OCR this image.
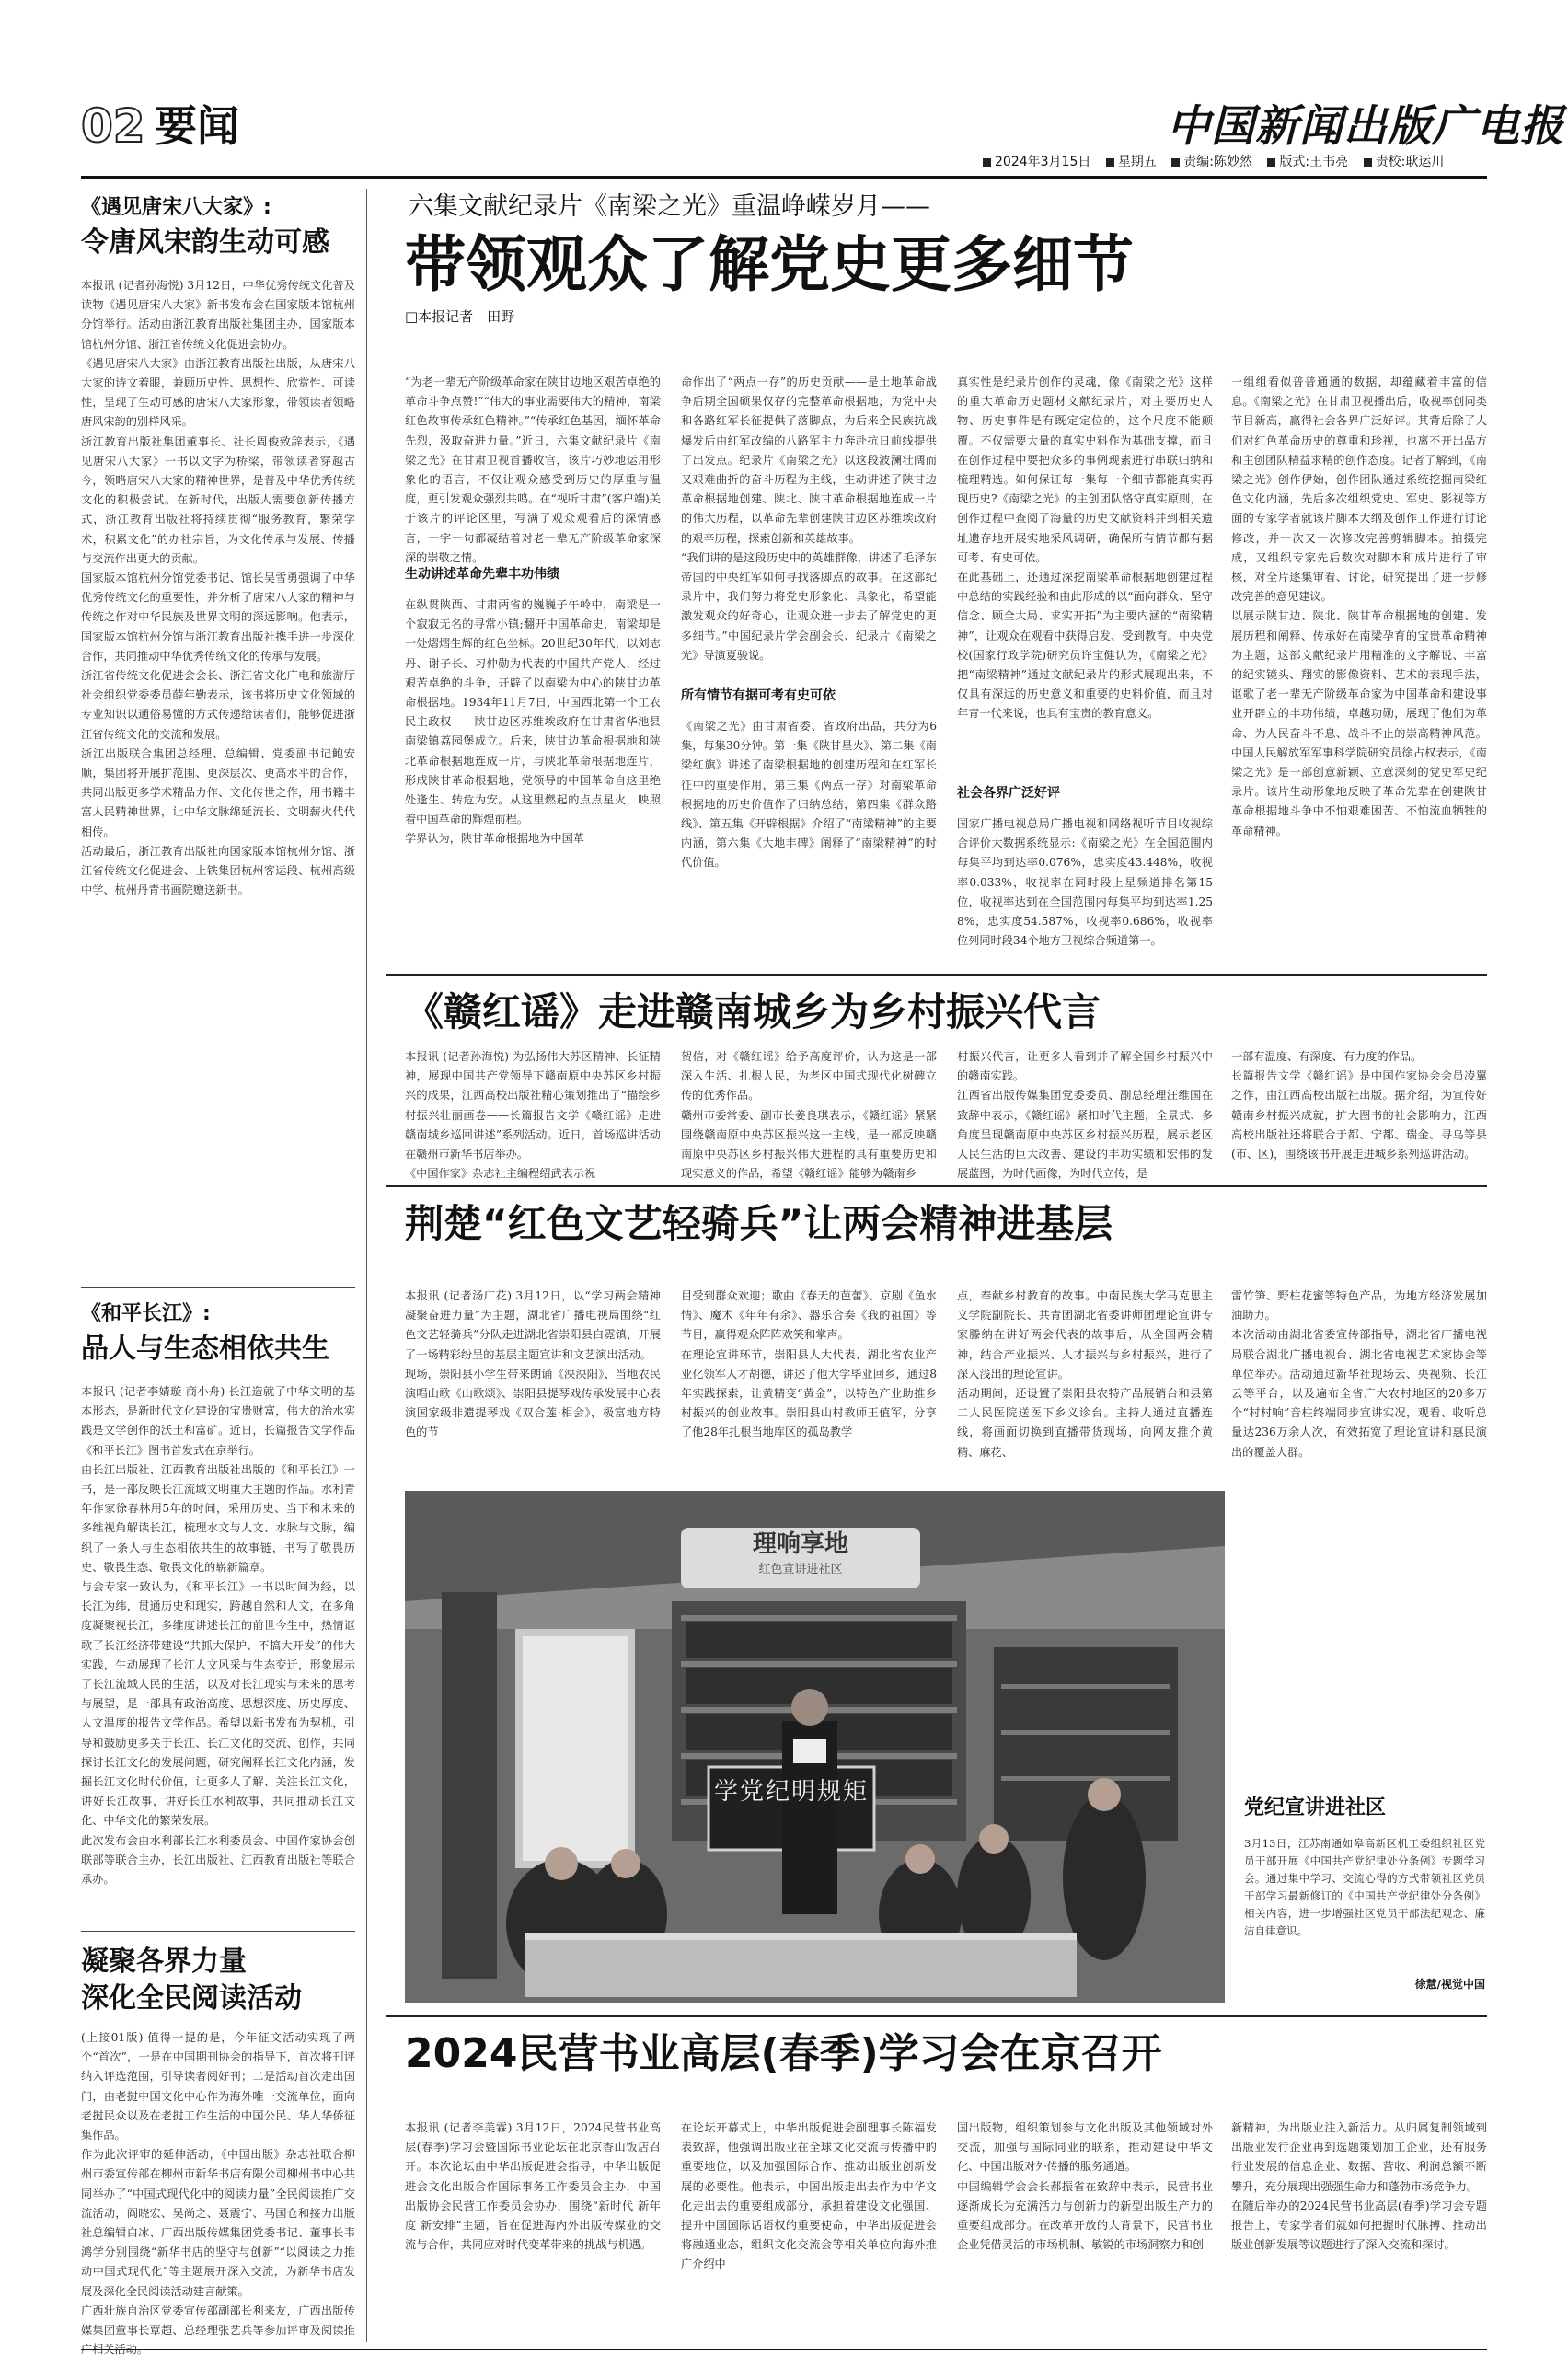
02 要闻	中国新闻出版广电报
2024年3月15日 星期五 责编:陈妙然 版式:王书亮 责校:耿运川
《遇见唐宋八大家》:
令唐风宋韵生动可感
本报讯 (记者孙海悦) 3月12日，中华优秀传统文化普及读物《遇见唐宋八大家》新书发布会在国家版本馆杭州分馆举行。活动由浙江教育出版社集团主办，国家版本馆杭州分馆、浙江省传统文化促进会协办。
《遇见唐宋八大家》由浙江教育出版社出版，从唐宋八大家的诗文着眼，兼顾历史性、思想性、欣赏性、可读性，呈现了生动可感的唐宋八大家形象，带领读者领略唐风宋韵的别样风采。
浙江教育出版社集团董事长、社长周俊致辞表示，《遇见唐宋八大家》一书以文字为桥梁，带领读者穿越古今，领略唐宋八大家的精神世界，是普及中华优秀传统文化的积极尝试。在新时代，出版人需要创新传播方式，浙江教育出版社将持续贯彻“服务教育，繁荣学术，积累文化”的办社宗旨，为文化传承与发展、传播与交流作出更大的贡献。
国家版本馆杭州分馆党委书记、馆长吴雪勇强调了中华优秀传统文化的重要性，并分析了唐宋八大家的精神与传统之作对中华民族及世界文明的深远影响。他表示，国家版本馆杭州分馆与浙江教育出版社携手进一步深化合作，共同推动中华优秀传统文化的传承与发展。
浙江省传统文化促进会会长、浙江省文化广电和旅游厅社会组织党委委员薛年勤表示，该书将历史文化领域的专业知识以通俗易懂的方式传递给读者们，能够促进浙江省传统文化的交流和发展。
浙江出版联合集团总经理、总编辑、党委副书记鲍安顺，集团将开展扩范围、更深层次、更高水平的合作，共同出版更多学术精品力作、文化传世之作，用书籍丰富人民精神世界，让中华文脉绵延流长、文明薪火代代相传。
活动最后，浙江教育出版社向国家版本馆杭州分馆、浙江省传统文化促进会、上铁集团杭州客运段、杭州高级中学、杭州丹青书画院赠送新书。
《和平长江》:
品人与生态相依共生
本报讯 (记者李婧璇 商小舟) 长江造就了中华文明的基本形态，是新时代文化建设的宝贵财富，伟大的治水实践是文学创作的沃土和富矿。近日，长篇报告文学作品《和平长江》图书首发式在京举行。
由长江出版社、江西教育出版社出版的《和平长江》一书，是一部反映长江流域文明重大主题的作品。水利青年作家徐春林用5年的时间，采用历史、当下和未来的多维视角解读长江，梳理水文与人文、水脉与文脉，编织了一条人与生态相依共生的故事链，书写了敬畏历史、敬畏生态、敬畏文化的崭新篇章。
与会专家一致认为，《和平长江》一书以时间为经，以长江为纬，贯通历史和现实，跨越自然和人文，在多角度凝聚视长江，多维度讲述长江的前世今生中，热情讴歌了长江经济带建设“共抓大保护、不搞大开发”的伟大实践，生动展现了长江人文风采与生态变迁，形象展示了长江流域人民的生活，以及对长江现实与未来的思考与展望，是一部具有政治高度、思想深度、历史厚度、人文温度的报告文学作品。希望以新书发布为契机，引导和鼓励更多关于长江、长江文化的交流、创作，共同探讨长江文化的发展问题，研究阐释长江文化内涵，发掘长江文化时代价值，让更多人了解、关注长江文化，讲好长江故事，讲好长江水利故事，共同推动长江文化、中华文化的繁荣发展。
此次发布会由水利部长江水利委员会、中国作家协会创联部等联合主办，长江出版社、江西教育出版社等联合承办。
凝聚各界力量
深化全民阅读活动
(上接01版) 值得一提的是，今年征文活动实现了两个“首次”，一是在中国期刊协会的指导下，首次将刊评纳入评选范围，引导读者阅好刊；二是活动首次走出国门，由老挝中国文化中心作为海外唯一交流单位，面向老挝民众以及在老挝工作生活的中国公民、华人华侨征集作品。
作为此次评审的延伸活动，《中国出版》杂志社联合柳州市委宣传部在柳州市新华书店有限公司柳州书中心共同举办了“中国式现代化中的阅读力量”全民阅读推广交流活动，阎晓宏、吴尚之、聂震宁、马国仓和接力出版社总编辑白冰、广西出版传媒集团党委书记、董事长韦鸿学分别围绕“新华书店的坚守与创新”“以阅读之力推动中国式现代化”等主题展开深入交流，为新华书店发展及深化全民阅读活动建言献策。
广西壮族自治区党委宣传部副部长利来友，广西出版传媒集团董事长覃超、总经理张艺兵等参加评审及阅读推广相关活动。
六集文献纪录片《南梁之光》重温峥嵘岁月——
带领观众了解党史更多细节
□本报记者　田野
“为老一辈无产阶级革命家在陕甘边地区艰苦卓绝的革命斗争点赞!”“伟大的事业需要伟大的精神，南梁红色故事传承红色精神。”“传承红色基因，缅怀革命先烈，汲取奋进力量。”近日，六集文献纪录片《南梁之光》在甘肃卫视首播收官，该片巧妙地运用形象化的语言，不仅让观众感受到历史的厚重与温度，更引发观众强烈共鸣。在“视听甘肃”(客户端)关于该片的评论区里，写满了观众观看后的深情感言，一字一句都凝结着对老一辈无产阶级革命家深深的崇敬之情。
生动讲述革命先辈丰功伟绩
在纵贯陕西、甘肃两省的巍巍子午岭中，南梁是一个寂寂无名的寻常小镇;翻开中国革命史，南梁却是一处熠熠生辉的红色坐标。20世纪30年代，以刘志丹、谢子长、习仲勋为代表的中国共产党人，经过艰苦卓绝的斗争，开辟了以南梁为中心的陕甘边革命根据地。1934年11月7日，中国西北第一个工农民主政权——陕甘边区苏维埃政府在甘肃省华池县南梁镇荔园堡成立。后来，陕甘边革命根据地和陕北革命根据地连成一片，与陕北革命根据地连片，形成陕甘革命根据地，党领导的中国革命自这里绝处逢生、转危为安。从这里燃起的点点星火，映照着中国革命的辉煌前程。
学界认为，陕甘革命根据地为中国革
命作出了“两点一存”的历史贡献——是土地革命战争后期全国硕果仅存的完整革命根据地，为党中央和各路红军长征提供了落脚点，为后来全民族抗战爆发后由红军改编的八路军主力奔赴抗日前线提供了出发点。纪录片《南梁之光》以这段波澜壮阔而又艰难曲折的奋斗历程为主线，生动讲述了陕甘边革命根据地创建、陕北、陕甘革命根据地连成一片的伟大历程，以革命先辈创建陕甘边区苏维埃政府的艰辛历程，探索创新和英雄故事。
“我们讲的是这段历史中的英雄群像，讲述了毛泽东帝国的中央红军如何寻找落脚点的故事。在这部纪录片中，我们努力将党史形象化、具象化，希望能激发观众的好奇心，让观众进一步去了解党史的更多细节。”中国纪录片学会副会长、纪录片《南梁之光》导演夏骏说。
所有情节有据可考有史可依
《南梁之光》由甘肃省委、省政府出品，共分为6集，每集30分钟。第一集《陕甘星火》、第二集《南梁红旗》讲述了南梁根据地的创建历程和在红军长征中的重要作用，第三集《两点一存》对南梁革命根据地的历史价值作了归纳总结，第四集《群众路线》、第五集《开辟根据》介绍了“南梁精神”的主要内涵，第六集《大地丰碑》阐释了“南梁精神”的时代价值。
真实性是纪录片创作的灵魂，像《南梁之光》这样的重大革命历史题材文献纪录片，对主要历史人物、历史事件是有既定定位的，这个尺度不能颠覆。不仅需要大量的真实史料作为基础支撑，而且在创作过程中要把众多的事例现素进行串联归纳和梳理精选。如何保证每一集每一个细节都能真实再现历史?《南梁之光》的主创团队恪守真实原则，在创作过程中查阅了海量的历史文献资料并到相关遗址遗存地开展实地采风调研，确保所有情节都有据可考、有史可依。
在此基础上，还通过深挖南梁革命根据地创建过程中总结的实践经验和由此形成的以“面向群众、坚守信念、顾全大局、求实开拓”为主要内涵的“南梁精神”，让观众在观看中获得启发、受到教育。中央党校(国家行政学院)研究员许宝健认为，《南梁之光》把“南梁精神”通过文献纪录片的形式展现出来，不仅具有深远的历史意义和重要的史料价值，而且对年青一代来说，也具有宝贵的教育意义。
社会各界广泛好评
国家广播电视总局广播电视和网络视听节目收视综合评价大数据系统显示:《南梁之光》在全国范围内每集平均到达率0.076%，忠实度43.448%，收视率0.033%，收视率在同时段上星频道排名第15位，收视率达到在全国范围内每集平均到达率1.258%，忠实度54.587%，收视率0.686%，收视率位列同时段34个地方卫视综合频道第一。
一组组看似普普通通的数据，却蕴藏着丰富的信息。《南梁之光》在甘肃卫视播出后，收视率创同类节目新高，赢得社会各界广泛好评。其背后除了人们对红色革命历史的尊重和珍视，也离不开出品方和主创团队精益求精的创作态度。记者了解到，《南梁之光》创作伊始，创作团队通过系统挖掘南梁红色文化内涵，先后多次组织党史、军史、影视等方面的专家学者就该片脚本大纲及创作工作进行讨论修改，并一次又一次修改完善剪辑脚本。拍摄完成，又组织专家先后数次对脚本和成片进行了审核，对全片逐集审看、讨论，研究提出了进一步修改完善的意见建议。
以展示陕甘边、陕北、陕甘革命根据地的创建、发展历程和阐释、传承好在南梁孕育的宝贵革命精神为主题，这部文献纪录片用精准的文字解说、丰富的纪实镜头、翔实的影像资料、艺术的表现手法，讴歌了老一辈无产阶级革命家为中国革命和建设事业开辟立的丰功伟绩，卓越功勋，展现了他们为革命、为人民奋斗不息、战斗不止的崇高精神风范。中国人民解放军军事科学院研究员徐占权表示，《南梁之光》是一部创意新颖、立意深刻的党史军史纪录片。该片生动形象地反映了革命先辈在创建陕甘革命根据地斗争中不怕艰难困苦、不怕流血牺牲的革命精神。
《赣红谣》走进赣南城乡为乡村振兴代言
本报讯 (记者孙海悦) 为弘扬伟大苏区精神、长征精神，展现中国共产党领导下赣南原中央苏区乡村振兴的成果，江西高校出版社精心策划推出了“描绘乡村振兴壮丽画卷——长篇报告文学《赣红谣》走进赣南城乡巡回讲述”系列活动。近日，首场巡讲活动在赣州市新华书店举办。
《中国作家》杂志社主编程绍武表示祝
贺信，对《赣红谣》给予高度评价，认为这是一部深入生活、扎根人民，为老区中国式现代化树碑立传的优秀作品。
赣州市委常委、副市长姜良琪表示，《赣红谣》紧紧围绕赣南原中央苏区振兴这一主线，是一部反映赣南原中央苏区乡村振兴伟大进程的具有重要历史和现实意义的作品，希望《赣红谣》能够为赣南乡
村振兴代言，让更多人看到并了解全国乡村振兴中的赣南实践。
江西省出版传媒集团党委委员、副总经理汪维国在致辞中表示，《赣红谣》紧扣时代主题，全景式、多角度呈现赣南原中央苏区乡村振兴历程，展示老区人民生活的巨大改善、建设的丰功实绩和宏伟的发展蓝图，为时代画像，为时代立传，是
一部有温度、有深度、有力度的作品。
长篇报告文学《赣红谣》是中国作家协会会员凌翼之作，由江西高校出版社出版。据介绍，为宣传好赣南乡村振兴成就，扩大图书的社会影响力，江西高校出版社还将联合于都、宁都、瑞金、寻乌等县(市、区)，围绕该书开展走进城乡系列巡讲活动。
荆楚“红色文艺轻骑兵”让两会精神进基层
本报讯 (记者汤广花) 3月12日，以“学习两会精神 凝聚奋进力量”为主题，湖北省广播电视局围绕“红色文艺轻骑兵”分队走进湖北省崇阳县白霓镇，开展了一场精彩纷呈的基层主题宣讲和文艺演出活动。
现场，崇阳县小学生带来朗诵《泱泱阳》、当地农民演唱山歌《山歌颂》、崇阳县提琴戏传承发展中心表演国家级非遗提琴戏《双合莲·相会》，极富地方特色的节
目受到群众欢迎；歌曲《春天的芭蕾》、京剧《鱼水情》、魔术《年年有余》、器乐合奏《我的祖国》等节目，赢得观众阵阵欢笑和掌声。
在理论宣讲环节，崇阳县人大代表、湖北省农业产业化领军人才胡德，讲述了他大学毕业回乡，通过8年实践探索，让黄精变“黄金”，以特色产业助推乡村振兴的创业故事。崇阳县山村教师王值军，分享了他28年扎根当地库区的孤岛教学
点，奉献乡村教育的故事。中南民族大学马克思主义学院副院长、共青团湖北省委讲师团理论宣讲专家滕纳在讲好两会代表的故事后，从全国两会精神，结合产业振兴、人才振兴与乡村振兴，进行了深入浅出的理论宣讲。
活动期间，还设置了崇阳县农特产品展销台和县第二人民医院送医下乡义诊台。主持人通过直播连线，将画面切换到直播带货现场，向网友推介黄精、麻花、
雷竹笋、野柱花蜜等特色产品，为地方经济发展加油助力。
本次活动由湖北省委宣传部指导，湖北省广播电视局联合湖北广播电视台、湖北省电视艺术家协会等单位举办。活动通过新华社现场云、央视频、长江云等平台，以及遍布全省广大农村地区的20多万个“村村响”音柱终端同步宣讲实况，观看、收听总量达236万余人次，有效拓宽了理论宣讲和惠民演出的覆盖人群。
理响享地
红色宣讲进社区
学党纪明规矩
党纪宣讲进社区
3月13日，江苏南通如皋高新区机工委组织社区党员干部开展《中国共产党纪律处分条例》专题学习会。通过集中学习、交流心得的方式带领社区党员干部学习最新修订的《中国共产党纪律处分条例》相关内容，进一步增强社区党员干部法纪观念、廉洁自律意识。
徐慧/视觉中国
2024民营书业高层(春季)学习会在京召开
本报讯 (记者李美霖) 3月12日，2024民营书业高层(春季)学习会暨国际书业论坛在北京香山饭店召开。本次论坛由中华出版促进会指导，中华出版促进会文化出版合作国际事务工作委员会主办，中国出版协会民营工作委员会协办，围绕“新时代 新年度 新安排”主题，旨在促进海内外出版传媒业的交流与合作，共同应对时代变革带来的挑战与机遇。
在论坛开幕式上，中华出版促进会副理事长陈福发表致辞，他强调出版业在全球文化交流与传播中的重要地位，以及加强国际合作、推动出版业创新发展的必要性。他表示，中国出版走出去作为中华文化走出去的重要组成部分，承担着建设文化强国、提升中国国际话语权的重要使命，中华出版促进会将融通业态，组织文化交流会等相关单位向海外推广介绍中
国出版物，组织策划参与文化出版及其他领域对外交流，加强与国际同业的联系，推动建设中华文化、中国出版对外传播的服务通道。
中国编辑学会会长郝振省在致辞中表示，民营书业逐渐成长为充满活力与创新力的新型出版生产力的重要组成部分。在改革开放的大背景下，民营书业企业凭借灵活的市场机制、敏锐的市场洞察力和创
新精神，为出版业注入新活力。从归属复制领域到出版业发行企业再到选题策划加工企业，还有服务行业发展的信息企业、数据、营收、利润总额不断攀升，充分展现出强强生命力和蓬勃市场竞争力。
在随后举办的2024民营书业高层(春季)学习会专题报告上，专家学者们就如何把握时代脉搏、推动出版业创新发展等议题进行了深入交流和探讨。
